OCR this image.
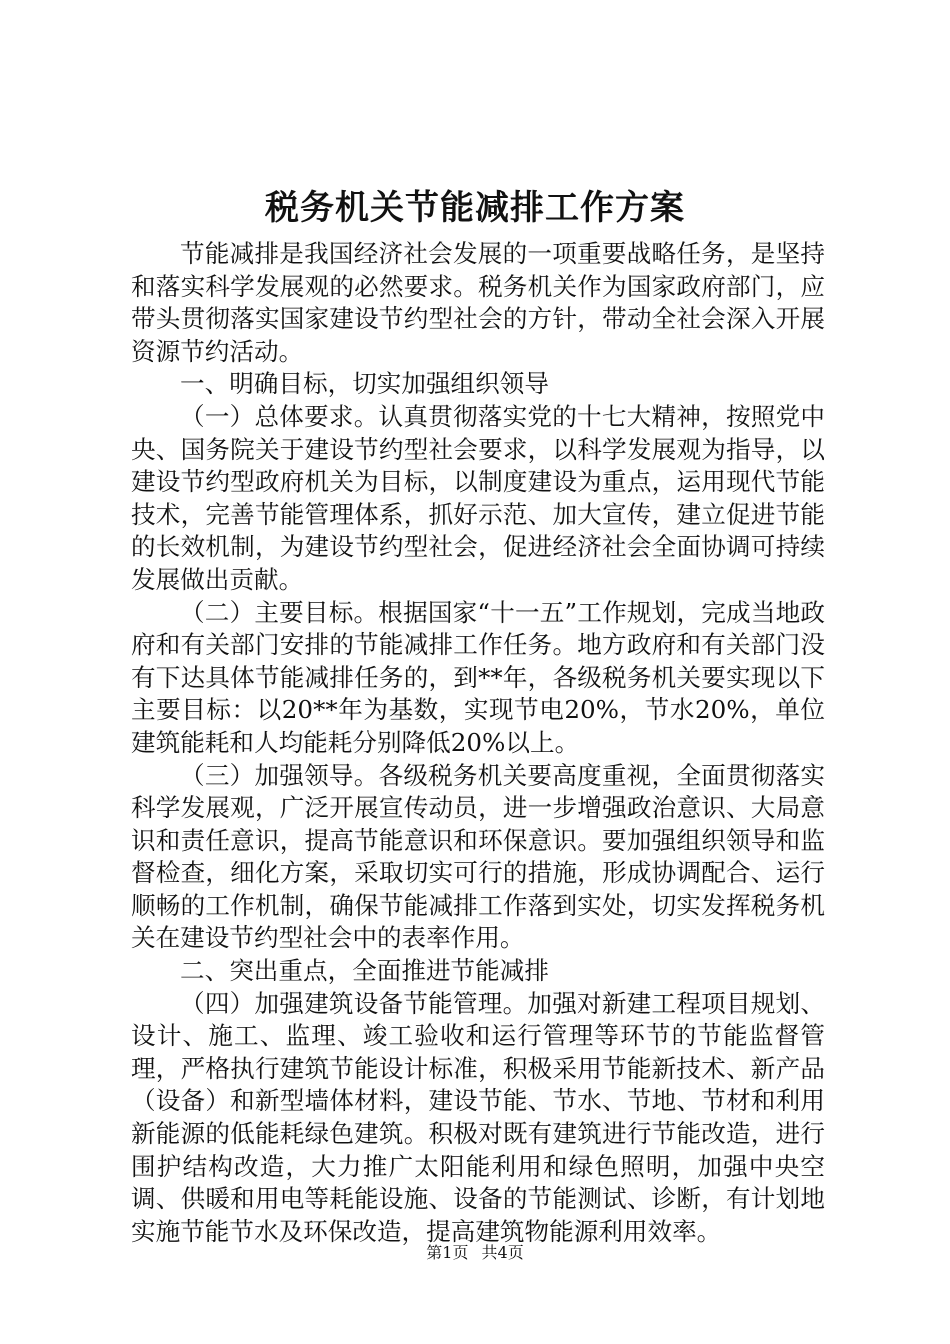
税务机关节能减排工作方案

节能减排是我国经济社会发展的一项重要战略任务，是坚持和落实科学发展观的必然要求。税务机关作为国家政府部门，应带头贯彻落实国家建设节约型社会的方针，带动全社会深入开展资源节约活动。

一、明确目标，切实加强组织领导

（一）总体要求。认真贯彻落实党的十七大精神，按照党中央、国务院关于建设节约型社会要求，以科学发展观为指导，以建设节约型政府机关为目标，以制度建设为重点，运用现代节能技术，完善节能管理体系，抓好示范、加大宣传，建立促进节能的长效机制，为建设节约型社会，促进经济社会全面协调可持续发展做出贡献。

（二）主要目标。根据国家“十一五”工作规划，完成当地政府和有关部门安排的节能减排工作任务。地方政府和有关部门没有下达具体节能减排任务的，到**年，各级税务机关要实现以下主要目标：以20**年为基数，实现节电20%，节水20%，单位建筑能耗和人均能耗分别降低20%以上。

（三）加强领导。各级税务机关要高度重视，全面贯彻落实科学发展观，广泛开展宣传动员，进一步增强政治意识、大局意识和责任意识，提高节能意识和环保意识。要加强组织领导和监督检查，细化方案，采取切实可行的措施，形成协调配合、运行顺畅的工作机制，确保节能减排工作落到实处，切实发挥税务机关在建设节约型社会中的表率作用。

二、突出重点，全面推进节能减排

（四）加强建筑设备节能管理。加强对新建工程项目规划、设计、施工、监理、竣工验收和运行管理等环节的节能监督管理，严格执行建筑节能设计标准，积极采用节能新技术、新产品（设备）和新型墙体材料，建设节能、节水、节地、节材和利用新能源的低能耗绿色建筑。积极对既有建筑进行节能改造，进行围护结构改造，大力推广太阳能利用和绿色照明，加强中央空调、供暖和用电等耗能设施、设备的节能测试、诊断，有计划地实施节能节水及环保改造，提高建筑物能源利用效率。

第1页 共4页
